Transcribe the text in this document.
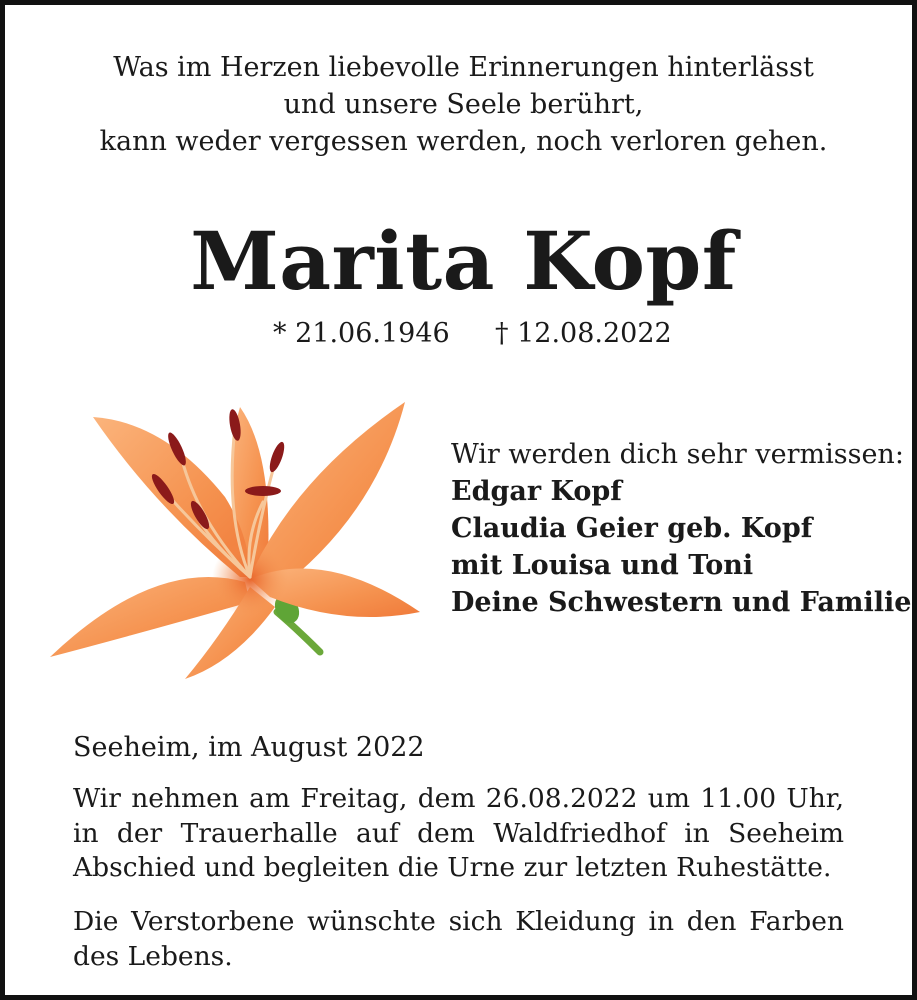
Was im Herzen liebevolle Erinnerungen hinterlässt
und unsere Seele berührt,
kann weder vergessen werden, noch verloren gehen.
Marita Kopf
* 21.06.1946 † 12.08.2022
Wir werden dich sehr vermissen:
Edgar Kopf
Claudia Geier geb. Kopf
mit Louisa und Toni
Deine Schwestern und Familie
Seeheim, im August 2022
Wir nehmen am Freitag, dem 26.08.2022 um 11.00 Uhr, in der Trauerhalle auf dem Waldfriedhof in Seeheim Abschied und begleiten die Urne zur letzten Ruhestätte.
Die Verstorbene wünschte sich Kleidung in den Farben des Lebens.
